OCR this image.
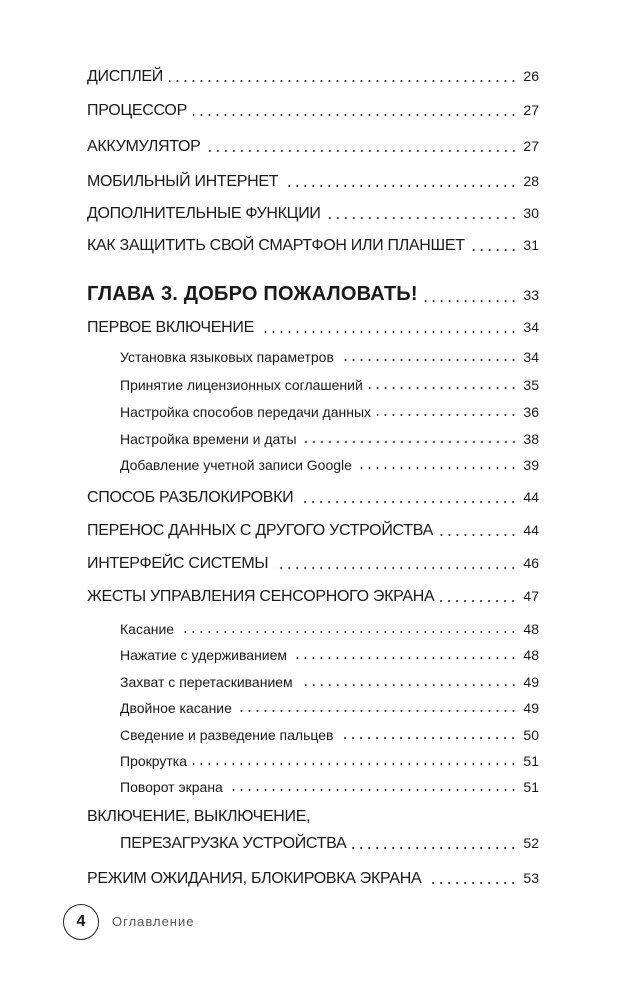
ДИСПЛЕЙ	26
ПРОЦЕССОР	27
АККУМУЛЯТОР	27
МОБИЛЬНЫЙ ИНТЕРНЕТ	28
ДОПОЛНИТЕЛЬНЫЕ ФУНКЦИИ	30
КАК ЗАЩИТИТЬ СВОЙ СМАРТФОН ИЛИ ПЛАНШЕТ	31
ГЛАВА 3. ДОБРО ПОЖАЛОВАТЬ!	33
ПЕРВОЕ ВКЛЮЧЕНИЕ	34
Установка языковых параметров	34
Принятие лицензионных соглашений	35
Настройка способов передачи данных	36
Настройка времени и даты	38
Добавление учетной записи Google	39
СПОСОБ РАЗБЛОКИРОВКИ	44
ПЕРЕНОС ДАННЫХ С ДРУГОГО УСТРОЙСТВА	44
ИНТЕРФЕЙС СИСТЕМЫ	46
ЖЕСТЫ УПРАВЛЕНИЯ СЕНСОРНОГО ЭКРАНА	47
Касание	48
Нажатие с удерживанием	48
Захват с перетаскиванием	49
Двойное касание	49
Сведение и разведение пальцев	50
Прокрутка	51
Поворот экрана	51
ВКЛЮЧЕНИЕ, ВЫКЛЮЧЕНИЕ,
ПЕРЕЗАГРУЗКА УСТРОЙСТВА	52
РЕЖИМ ОЖИДАНИЯ, БЛОКИРОВКА ЭКРАНА	53
4	Оглавление
